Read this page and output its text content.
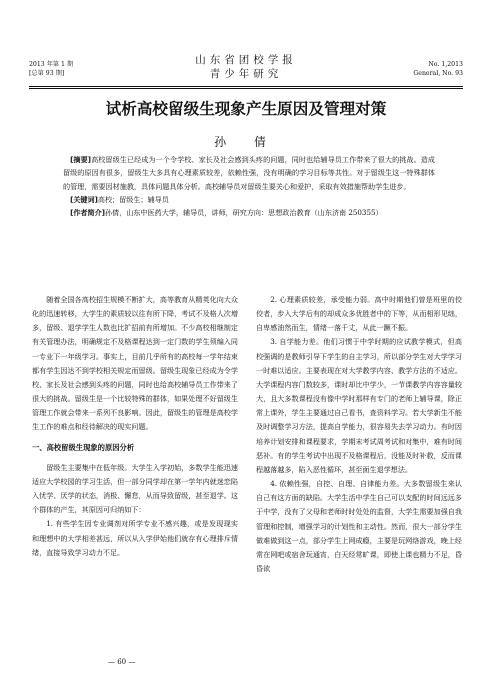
2013 年第 1 期
[总第 93 期]
山东省团校学报
青少年研究
No. 1,2013
General, No. 93
试析高校留级生现象产生原因及管理对策
孙 倩

[摘要]高校留级生已经成为一个令学校、家长及社会感到头疼的问题，同时也给辅导员工作带来了很大的挑战。造成留级的原因有很多，留级生大多具有心理素质较差，依赖性强，没有明确的学习目标等共性。对于留级生这一特殊群体的管理，需要因材施教，具体问题具体分析。高校辅导员对留级生要关心和爱护，采取有效措施帮助学生进步。

[关键词]高校；留级生；辅导员

[作者简介]孙倩，山东中医药大学，辅导员，讲师，研究方向：思想政治教育（山东济南 250355）

随着全国各高校招生规模不断扩大，高等教育从精英化向大众化的迅速转移，大学生的素质较以往有所下降，考试不及格人次增多，留级、退学学生人数也比扩招前有所增加。不少高校相继制定有关管理办法，明确规定不及格课程达到一定门数的学生须编入同一专业下一年级学习。事实上，目前几乎所有的高校每一学年结束都有学生因达不到学校相关规定而留级。留级生现象已经成为令学校、家长及社会感到头疼的问题，同时也给高校辅导员工作带来了很大的挑战。留级生是一个比较特殊的群体，如果处理不好留级生管理工作就会带来一系列不良影响。因此，留级生的管理是高校学生工作的难点和经待解决的现实问题。

一、高校留级生现象的原因分析

留级生主要集中在低年级。大学生入学初始，多数学生能迅速适应大学校园的学习生活，但一部分同学却在第一学年内就迷恋陷入忧学、厌学的状态，消极、懈怠，从而导致留级，甚至退学。这个群体的产生，其原因可归纳如下：

1. 有些学生因专业调剂对所学专业不感兴趣，或是发现现实和理想中的大学相差甚远，所以从入学伊始他们就存有心理排斥情绪，直接导致学习动力不足。

2. 心理素质较差，承受能力弱。高中时期他们曾是班里的佼佼者，步入大学后有的却成众多优胜者中的下等，从而相形见绌，自卑感油然而生，情绪一落千丈，从此一蹶不振。

3. 自学能力差。他们习惯于中学时期的应试教学模式，但高校强调的是教师引导下学生的自主学习，所以部分学生对大学学习一时难以适应。主要表现在对大学教学内容、教学方法的不适应。大学课程内容门数较多，课时却比中学少，一节课教学内容容量较大，且大多数课程没有像中学时那样有专门的老师上辅导课，除正常上课外，学生主要通过自己看书，查资料学习。若大学新生不能及时调整学习方法，提高自学能力，很容易失去学习动力。有时因培养计划安排和课程要求，学期末考试周考试和对集中，难有时间恶补。有的学生考试中出现不及格课程后，没能及时补救，反而课程越落越多，陷入恶性循环，甚至面生退学想法。

4. 依赖性强，自控、自理、自律能力差。大多数留级生来认自己有这方面的缺陷。大学生活中学生自己可以支配的时间远远多于中学，没有了父母和老师时时处处的监督，大学生需要加强自我管理和控制，增强学习的计划性和主动性。然而，很大一部分学生做难做到这一点，部分学生上网成瘾，主要是玩网络游戏，晚上经常在网吧或宿舍玩通宵，白天经常旷课，即使上课也精力不足，昏昏欲

— 60 —
